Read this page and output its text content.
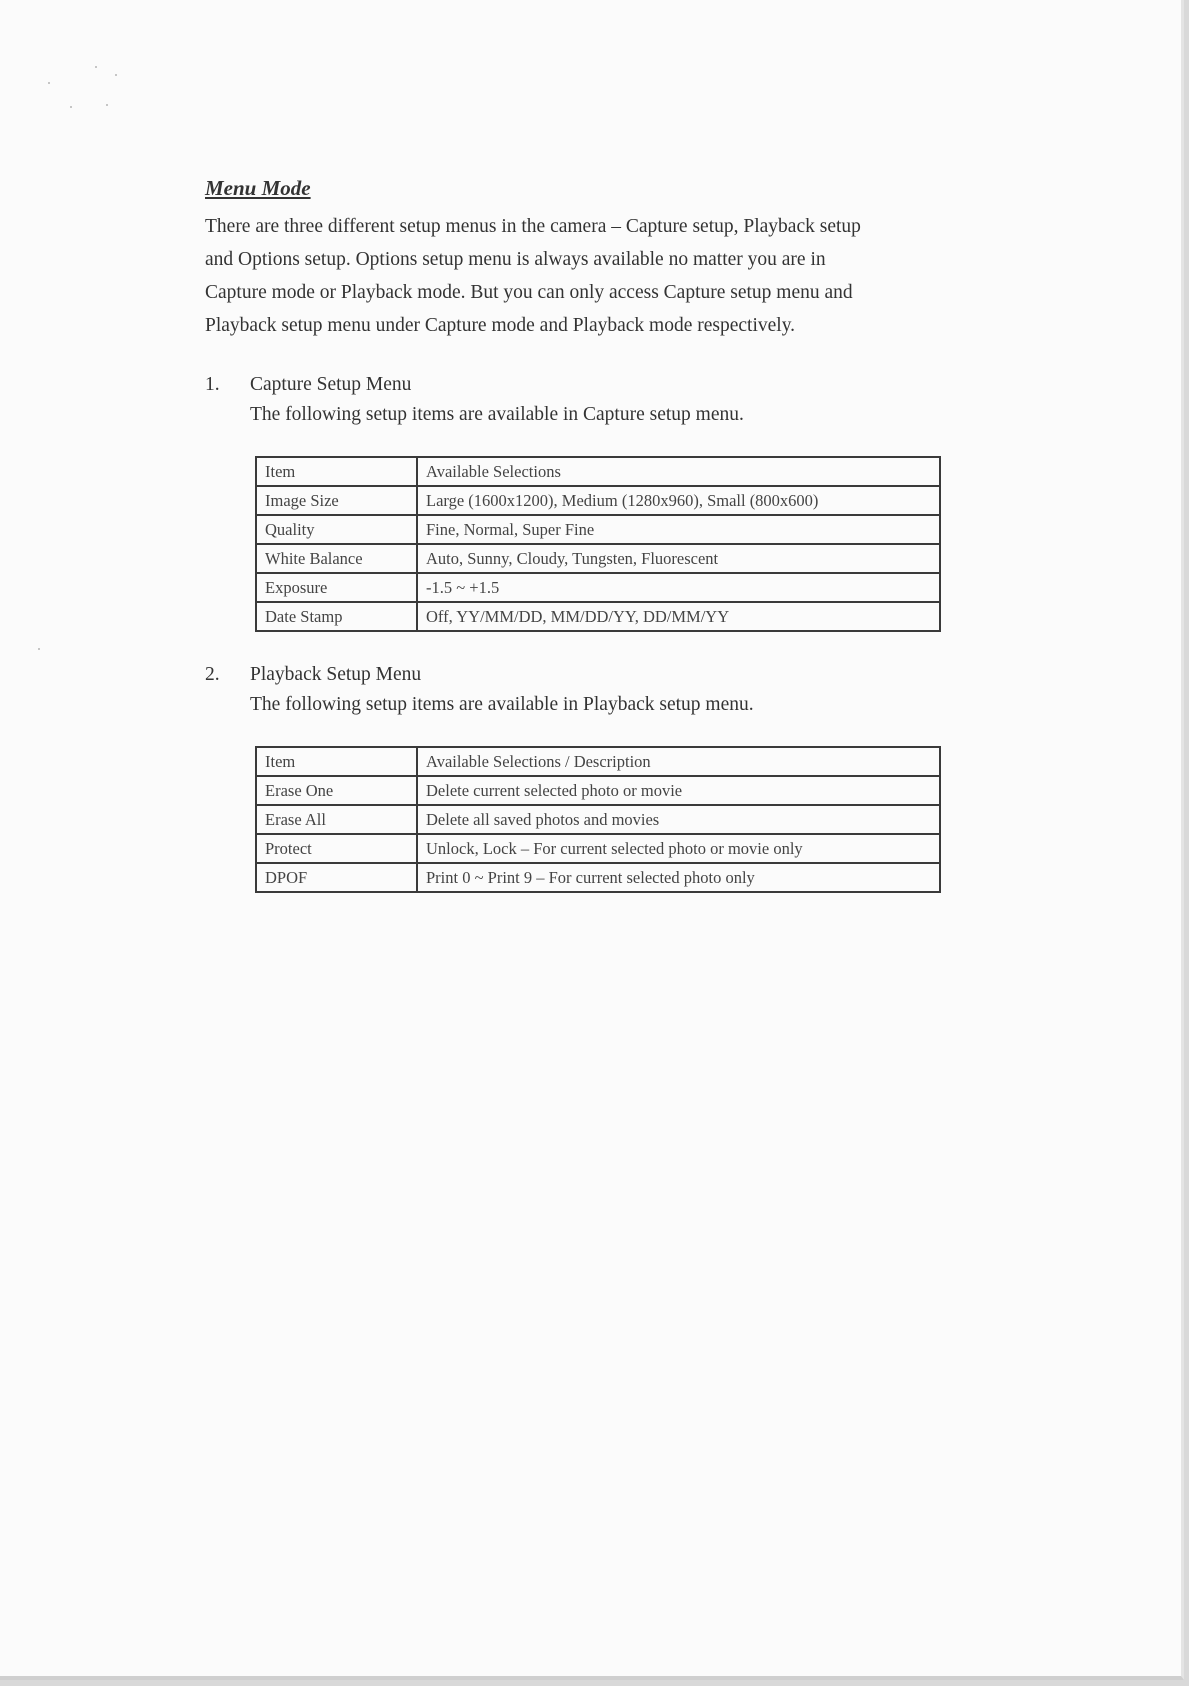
Menu Mode

There are three different setup menus in the camera – Capture setup, Playback setup
and Options setup. Options setup menu is always available no matter you are in
Capture mode or Playback mode. But you can only access Capture setup menu and
Playback setup menu under Capture mode and Playback mode respectively.

1.	Capture Setup Menu
The following setup items are available in Capture setup menu.
Item	Available Selections
Image Size	Large (1600x1200), Medium (1280x960), Small (800x600)
Quality	Fine, Normal, Super Fine
White Balance	Auto, Sunny, Cloudy, Tungsten, Fluorescent
Exposure	-1.5 ~ +1.5
Date Stamp	Off, YY/MM/DD, MM/DD/YY, DD/MM/YY
2.	Playback Setup Menu
The following setup items are available in Playback setup menu.
Item	Available Selections / Description
Erase One	Delete current selected photo or movie
Erase All	Delete all saved photos and movies
Protect	Unlock, Lock – For current selected photo or movie only
DPOF	Print 0 ~ Print 9 – For current selected photo only
